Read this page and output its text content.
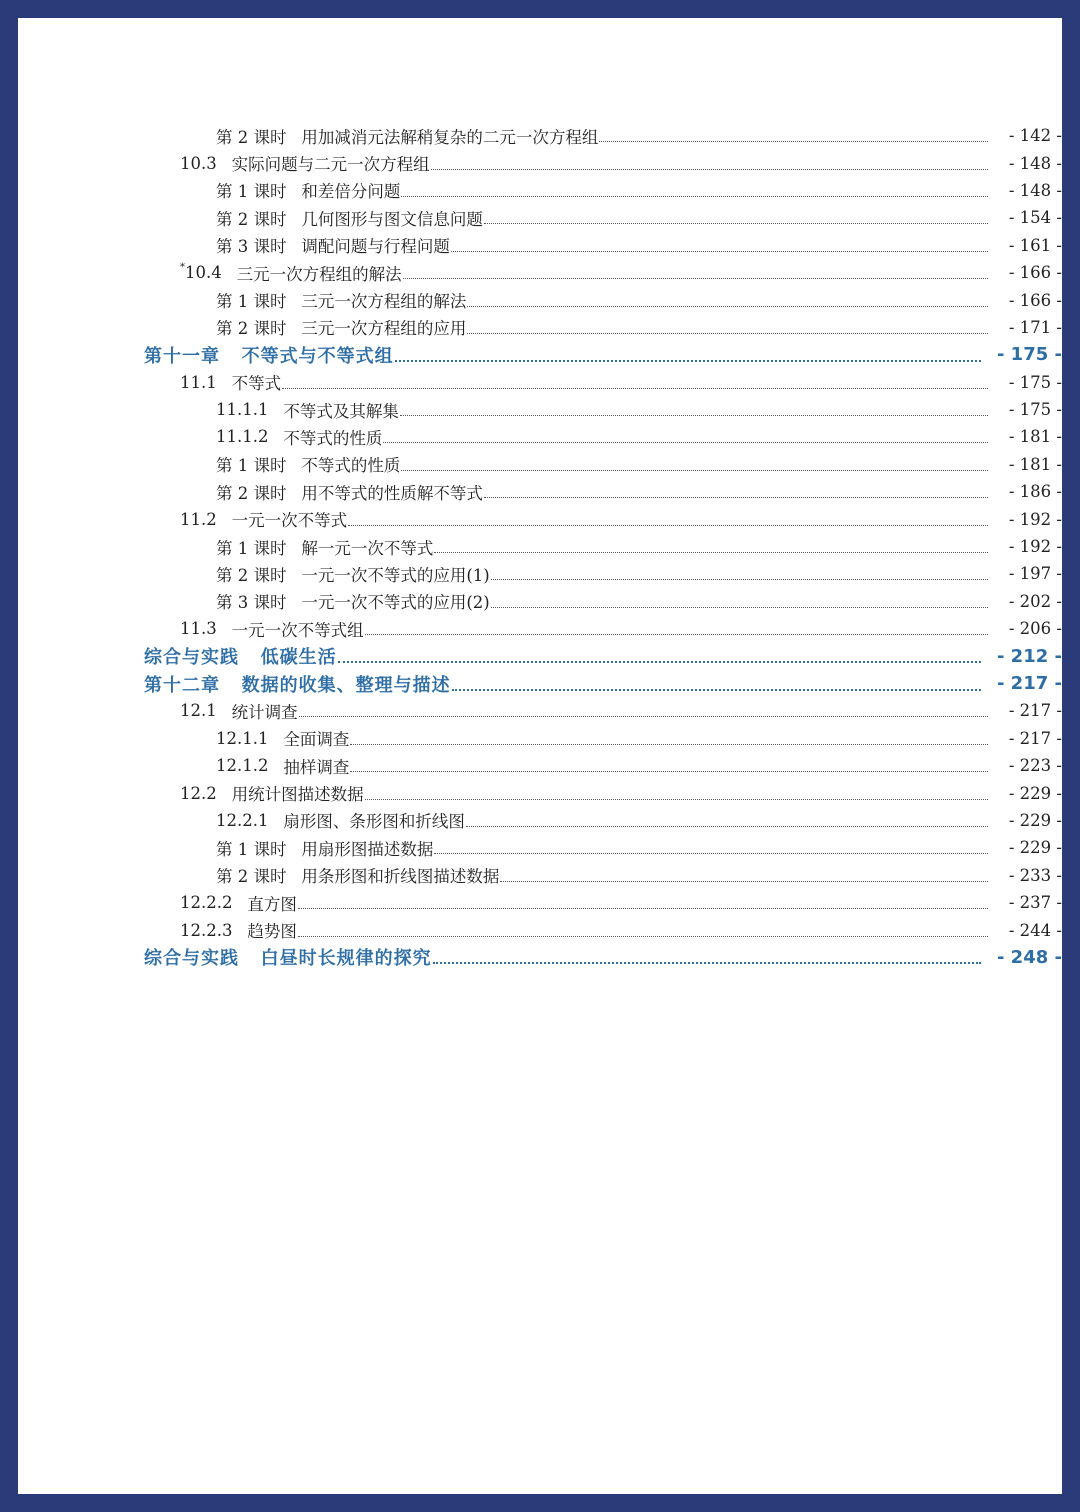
第 2 课时 用加减消元法解稍复杂的二元一次方程组	- 142 -
10.3 实际问题与二元一次方程组	- 148 -
第 1 课时 和差倍分问题	- 148 -
第 2 课时 几何图形与图文信息问题	- 154 -
第 3 课时 调配问题与行程问题	- 161 -
*10.4 三元一次方程组的解法	- 166 -
第 1 课时 三元一次方程组的解法	- 166 -
第 2 课时 三元一次方程组的应用	- 171 -
第十一章 不等式与不等式组	- 175 -
11.1 不等式	- 175 -
11.1.1 不等式及其解集	- 175 -
11.1.2 不等式的性质	- 181 -
第 1 课时 不等式的性质	- 181 -
第 2 课时 用不等式的性质解不等式	- 186 -
11.2 一元一次不等式	- 192 -
第 1 课时 解一元一次不等式	- 192 -
第 2 课时 一元一次不等式的应用(1)	- 197 -
第 3 课时 一元一次不等式的应用(2)	- 202 -
11.3 一元一次不等式组	- 206 -
综合与实践 低碳生活	- 212 -
第十二章 数据的收集、整理与描述	- 217 -
12.1 统计调查	- 217 -
12.1.1 全面调查	- 217 -
12.1.2 抽样调查	- 223 -
12.2 用统计图描述数据	- 229 -
12.2.1 扇形图、条形图和折线图	- 229 -
第 1 课时 用扇形图描述数据	- 229 -
第 2 课时 用条形图和折线图描述数据	- 233 -
12.2.2 直方图	- 237 -
12.2.3 趋势图	- 244 -
综合与实践 白昼时长规律的探究	- 248 -
